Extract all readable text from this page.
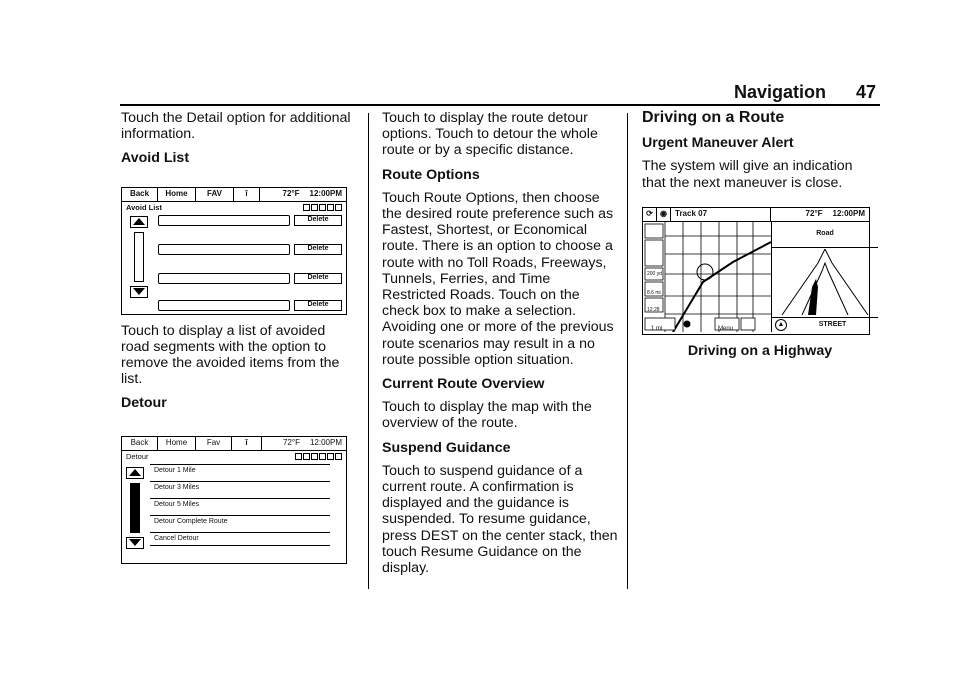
Navigation 47

Touch the Detail option for additional information.

Avoid List
Back	Home	FAV	ĭ	72°F 12:00PM
Avoid List
Delete
Delete
Delete
Delete

Touch to display a list of avoided road segments with the option to remove the avoided items from the list.

Detour
Back	Home	Fav	ĭ	72°F 12:00PM
Detour
Detour 1 Mile
Detour 3 Miles
Detour 5 Miles
Detour Complete Route
Cancel Detour

Touch to display the route detour options. Touch to detour the whole route or by a specific distance.

Route Options

Touch Route Options, then choose the desired route preference such as Fastest, Shortest, or Economical route. There is an option to choose a route with no Toll Roads, Freeways, Tunnels, Ferries, and Time Restricted Roads. Touch on the check box to make a selection. Avoiding one or more of the previous route scenarios may result in a no route possible option situation.

Current Route Overview

Touch to display the map with the overview of the route.

Suspend Guidance

Touch to suspend guidance of a current route. A confirmation is displayed and the guidance is suspended. To resume guidance, press DEST on the center stack, then touch Resume Guidance on the display.

Driving on a Route
Urgent Maneuver Alert

The system will give an indication that the next maneuver is close.

⟳ ◉	Track 07	72°F 12:00PM
200 yd
8.6 mi
12:28
1 mi	Menu
Road
▲	STREET
Driving on a Highway
